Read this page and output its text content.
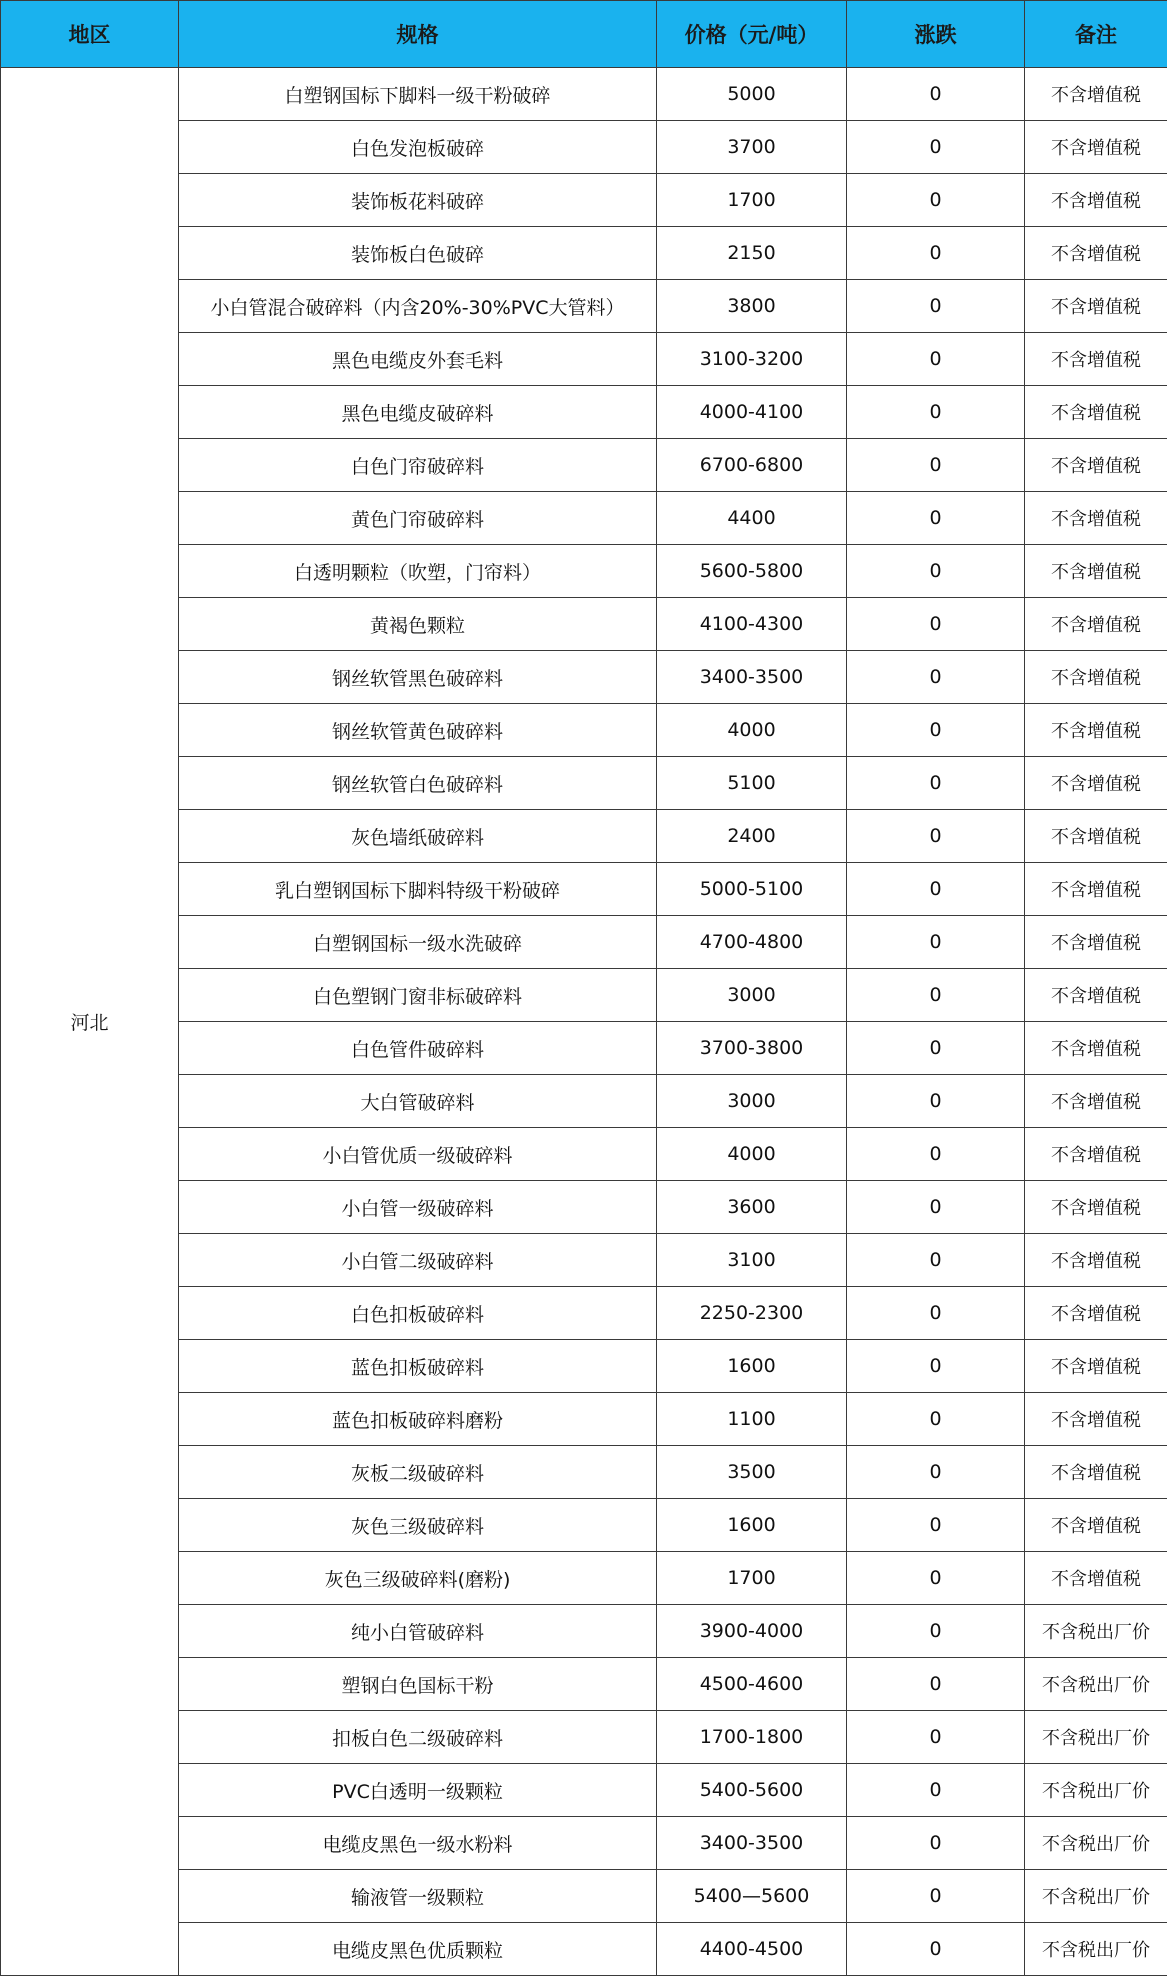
地区	规格	价格（元/吨）	涨跌	备注
河北	白塑钢国标下脚料一级干粉破碎	5000	0	不含增值税
	白色发泡板破碎	3700	0	不含增值税
	装饰板花料破碎	1700	0	不含增值税
	装饰板白色破碎	2150	0	不含增值税
	小白管混合破碎料（内含20%-30%PVC大管料）	3800	0	不含增值税
	黑色电缆皮外套毛料	3100-3200	0	不含增值税
	黑色电缆皮破碎料	4000-4100	0	不含增值税
	白色门帘破碎料	6700-6800	0	不含增值税
	黄色门帘破碎料	4400	0	不含增值税
	白透明颗粒（吹塑，门帘料）	5600-5800	0	不含增值税
	黄褐色颗粒	4100-4300	0	不含增值税
	钢丝软管黑色破碎料	3400-3500	0	不含增值税
	钢丝软管黄色破碎料	4000	0	不含增值税
	钢丝软管白色破碎料	5100	0	不含增值税
	灰色墙纸破碎料	2400	0	不含增值税
	乳白塑钢国标下脚料特级干粉破碎	5000-5100	0	不含增值税
	白塑钢国标一级水洗破碎	4700-4800	0	不含增值税
	白色塑钢门窗非标破碎料	3000	0	不含增值税
	白色管件破碎料	3700-3800	0	不含增值税
	大白管破碎料	3000	0	不含增值税
	小白管优质一级破碎料	4000	0	不含增值税
	小白管一级破碎料	3600	0	不含增值税
	小白管二级破碎料	3100	0	不含增值税
	白色扣板破碎料	2250-2300	0	不含增值税
	蓝色扣板破碎料	1600	0	不含增值税
	蓝色扣板破碎料磨粉	1100	0	不含增值税
	灰板二级破碎料	3500	0	不含增值税
	灰色三级破碎料	1600	0	不含增值税
	灰色三级破碎料(磨粉)	1700	0	不含增值税
	纯小白管破碎料	3900-4000	0	不含税出厂价
	塑钢白色国标干粉	4500-4600	0	不含税出厂价
	扣板白色二级破碎料	1700-1800	0	不含税出厂价
	PVC白透明一级颗粒	5400-5600	0	不含税出厂价
	电缆皮黑色一级水粉料	3400-3500	0	不含税出厂价
	输液管一级颗粒	5400—5600	0	不含税出厂价
	电缆皮黑色优质颗粒	4400-4500	0	不含税出厂价
